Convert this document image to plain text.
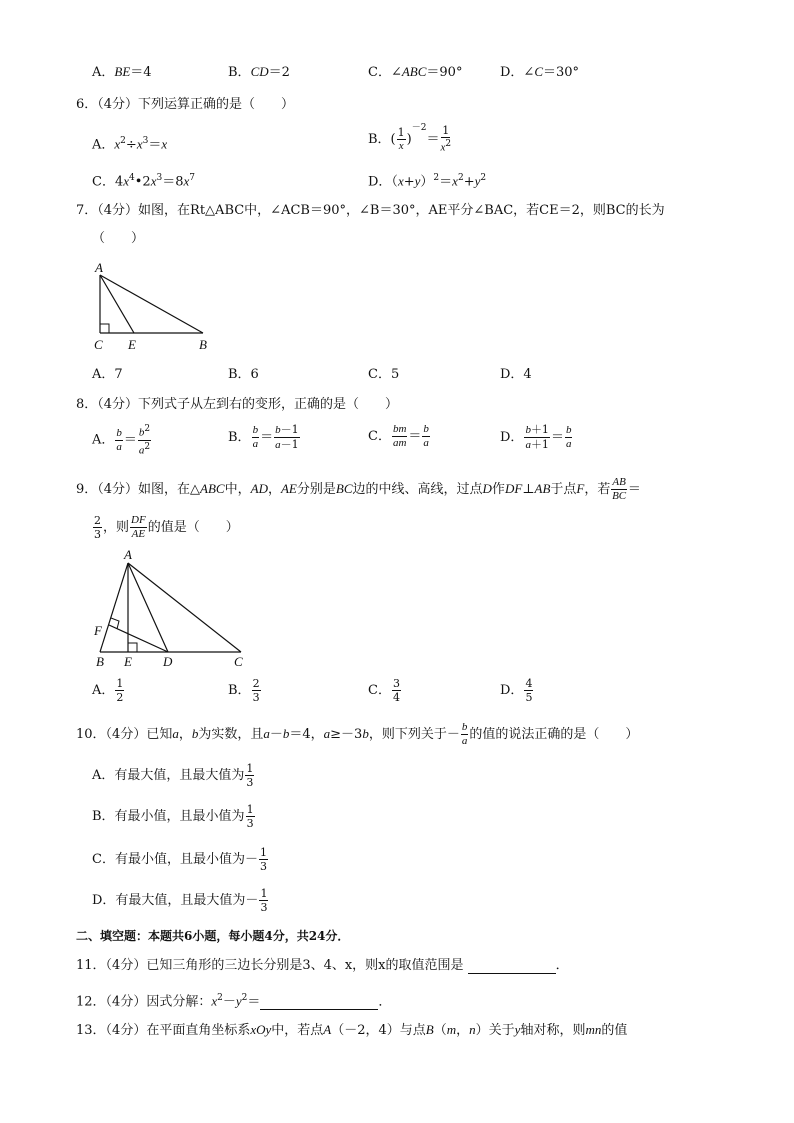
A．BE＝4	B．CD＝2	C．∠ABC＝90°	D．∠C＝30°
6．（4分）下列运算正确的是（　　）
A．$x^2\div x^3=x$	B．( $\frac{1}{x} )^{-2}= \frac{1}{x^2}$
C．$4x^4•2x^3=8x^7$	D．$(x+y)^2=x^2+y^2$
7．（4分）如图，在Rt△ABC中，∠ACB＝90°，∠B＝30°，AE平分∠BAC，若CE＝2，则BC的长为
（　　）
A
C E	B
A．7	B．6	C．5	D．4
8．（4分）下列式子从左到右的变形，正确的是（　　）
A． $\frac{b}{a} = \frac{b^2}{a^2}$	B． $\frac{b}{a} = \frac{b-1}{a-1}$	C． $\frac{bm}{am} = \frac{b}{a}$	D． $\frac{b+1}{a+1} = \frac{b}{a}$
9．（4分）如图，在△ABC中，AD，AE分别是BC边的中线、高线，过点D作DF⊥AB于点F，若 $\frac{AB}{BC}$ ＝
$\frac{2}{3}$ ，则 $\frac{DF}{AE}$ 的值是（　　）
A
F
B E D	C
A． $\frac{1}{2}$	B． $\frac{2}{3}$	C． $\frac{3}{4}$	D． $\frac{4}{5}$
10．（4分）已知a，b为实数，且a－b＝4，a≥－3b，则下列关于－ $\frac{b}{a}$ 的值的说法正确的是（　　）
A．有最大值，且最大值为 $\frac{1}{3}$
B．有最小值，且最小值为 $\frac{1}{3}$
C．有最小值，且最小值为－ $\frac{1}{3}$
D．有最大值，且最大值为－ $\frac{1}{3}$
二、填空题：本题共6小题，每小题4分，共24分．
11．（4分）已知三角形的三边长分别是3、4、x，则x的取值范围是	．
12．（4分）因式分解：$x^2-y^2=$	．
13．（4分）在平面直角坐标系xOy中，若点A（－2，4）与点B（m，n）关于y轴对称，则mn的值
